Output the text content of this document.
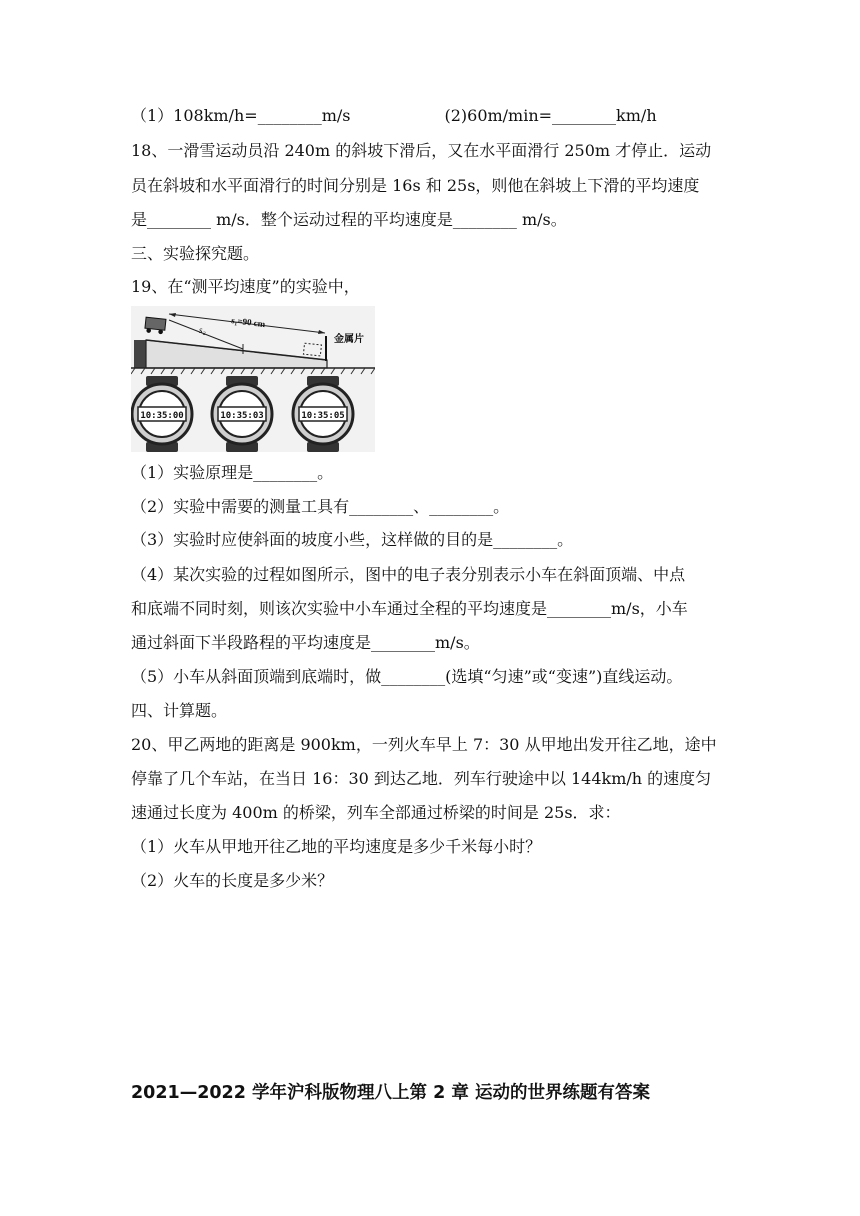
（1）108km/h=________m/s	(2)60m/min=________km/h
18、一滑雪运动员沿 240m 的斜坡下滑后，又在水平面滑行 250m 才停止．运动
员在斜坡和水平面滑行的时间分别是 16s 和 25s，则他在斜坡上下滑的平均速度
是________ m/s．整个运动过程的平均速度是________ m/s。
三、实验探究题。
19、在“测平均速度”的实验中，
s₁=90 cm
s₂
金属片
10:35:00	10:35:03	10:35:05
（1）实验原理是________。
（2）实验中需要的测量工具有________、________。
（3）实验时应使斜面的坡度小些，这样做的目的是________。
（4）某次实验的过程如图所示，图中的电子表分别表示小车在斜面顶端、中点
和底端不同时刻，则该次实验中小车通过全程的平均速度是________m/s，小车
通过斜面下半段路程的平均速度是________m/s。
（5）小车从斜面顶端到底端时，做________(选填“匀速”或“变速”)直线运动。
四、计算题。
20、甲乙两地的距离是 900km，一列火车早上 7：30 从甲地出发开往乙地，途中
停靠了几个车站，在当日 16：30 到达乙地．列车行驶途中以 144km/h 的速度匀
速通过长度为 400m 的桥梁，列车全部通过桥梁的时间是 25s．求：
（1）火车从甲地开往乙地的平均速度是多少千米每小时？
（2）火车的长度是多少米？
2021—2022 学年沪科版物理八上第 2 章 运动的世界练题有答案
